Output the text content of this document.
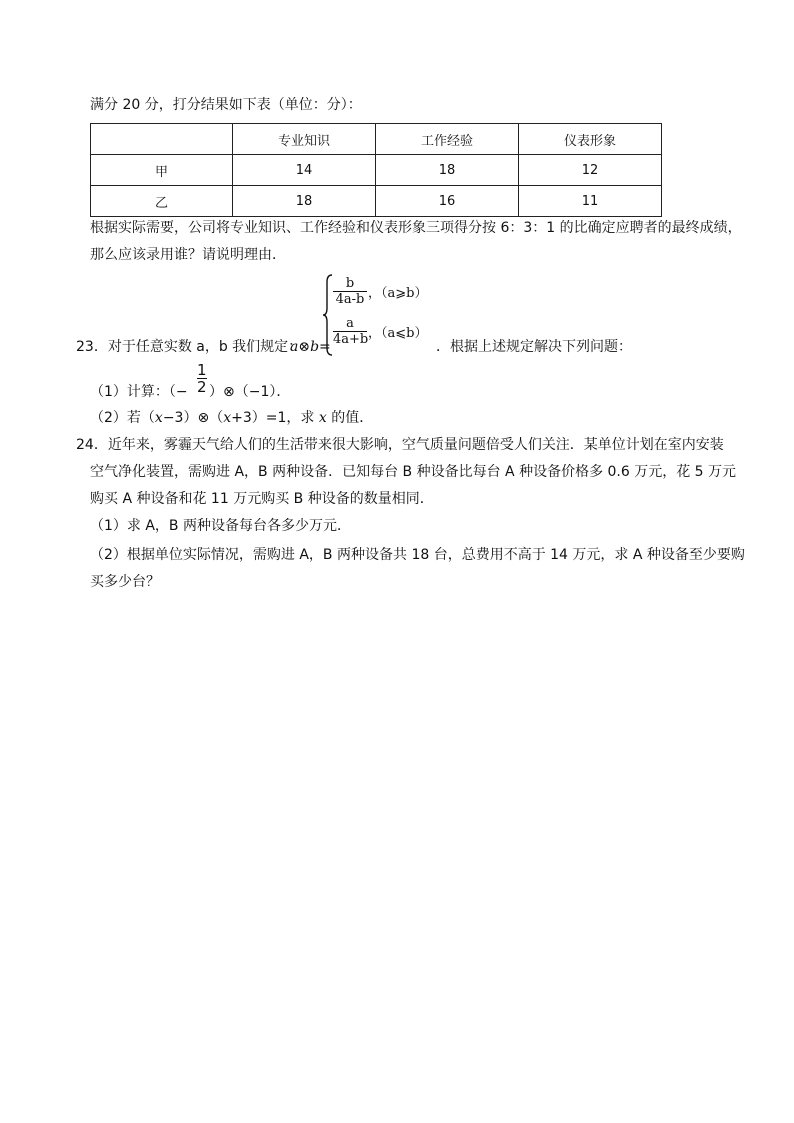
满分 20 分，打分结果如下表（单位：分）：
	专业知识	工作经验	仪表形象
甲	14	18	12
乙	18	16	11
根据实际需要，公司将专业知识、工作经验和仪表形象三项得分按 6：3：1 的比确定应聘者的最终成绩，
那么应该录用谁？请说明理由．
23．对于任意实数 a，b 我们规定：
a⊗b=
$\frac{b}{4a-b}$ ，（a⩾b）
$\frac{a}{4a+b}$ ，（a⩽b）
．根据上述规定解决下列问题：
（1）计算：（− $\frac{1}{2}$ ）⊗（−1）．
（2）若（x−3）⊗（x+3）=1，求 x 的值．
24．近年来，雾霾天气给人们的生活带来很大影响，空气质量问题倍受人们关注．某单位计划在室内安装
空气净化装置，需购进 A，B 两种设备．已知每台 B 种设备比每台 A 种设备价格多 0.6 万元，花 5 万元
购买 A 种设备和花 11 万元购买 B 种设备的数量相同．
（1）求 A，B 两种设备每台各多少万元．
（2）根据单位实际情况，需购进 A，B 两种设备共 18 台，总费用不高于 14 万元，求 A 种设备至少要购
买多少台？
